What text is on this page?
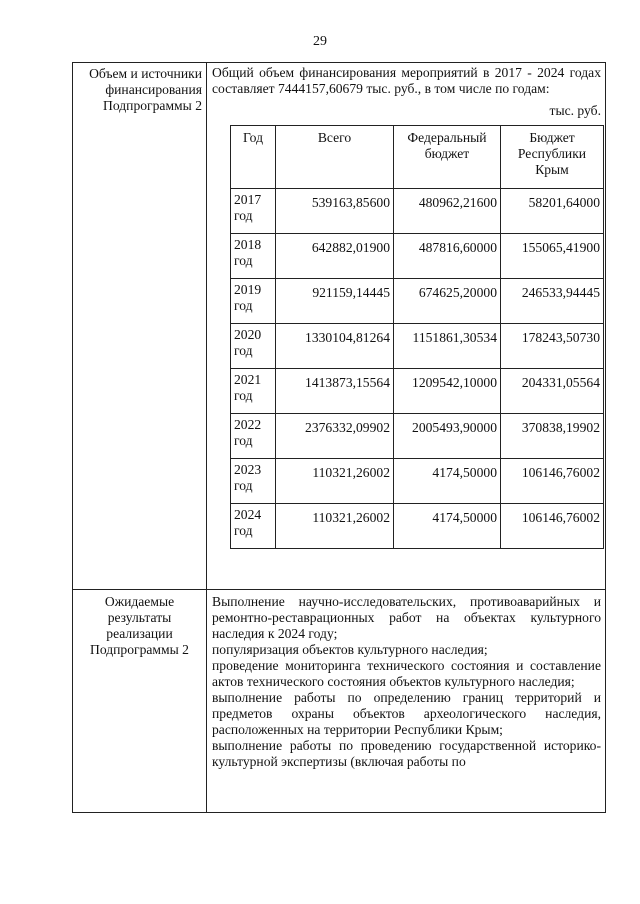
29
Объем и источники финансирования Подпрограммы 2

Общий объем финансирования мероприятий в 2017 - 2024 годах составляет 7444157,60679 тыс. руб., в том числе по годам:
тыс. руб.
Год	Всего	Федеральный бюджет	Бюджет Республики Крым
2017 год	539163,85600	480962,21600	58201,64000
2018 год	642882,01900	487816,60000	155065,41900
2019 год	921159,14445	674625,20000	246533,94445
2020 год	1330104,81264	1151861,30534	178243,50730
2021 год	1413873,15564	1209542,10000	204331,05564
2022 год	2376332,09902	2005493,90000	370838,19902
2023 год	110321,26002	4174,50000	106146,76002
2024 год	110321,26002	4174,50000	106146,76002

Ожидаемые результаты реализации Подпрограммы 2

Выполнение научно-исследовательских, противоаварийных и ремонтно-реставрационных работ на объектах культурного наследия к 2024 году;

популяризация объектов культурного наследия;

проведение мониторинга технического состояния и составление актов технического состояния объектов культурного наследия;

выполнение работы по определению границ территорий и предметов охраны объектов археологического наследия, расположенных на территории Республики Крым;

выполнение работы по проведению государственной историко-культурной экспертизы (включая работы по
